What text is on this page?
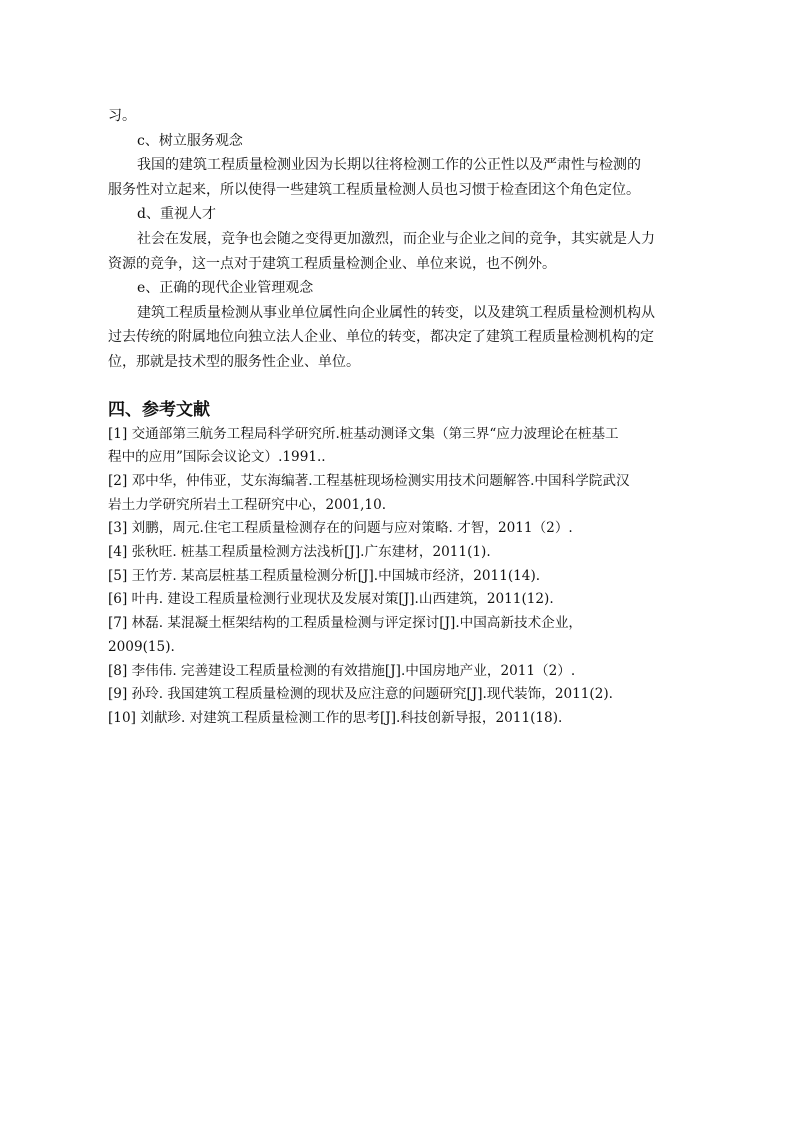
习。
c、树立服务观念
我国的建筑工程质量检测业因为长期以往将检测工作的公正性以及严肃性与检测的
服务性对立起来，所以使得一些建筑工程质量检测人员也习惯于检查团这个角色定位。
d、重视人才
社会在发展，竞争也会随之变得更加激烈，而企业与企业之间的竞争，其实就是人力
资源的竞争，这一点对于建筑工程质量检测企业、单位来说，也不例外。
e、正确的现代企业管理观念
建筑工程质量检测从事业单位属性向企业属性的转变，以及建筑工程质量检测机构从
过去传统的附属地位向独立法人企业、单位的转变，都决定了建筑工程质量检测机构的定
位，那就是技术型的服务性企业、单位。
四、参考文献
[1] 交通部第三航务工程局科学研究所.桩基动测译文集（第三界“应力波理论在桩基工
程中的应用”国际会议论文）.1991..
[2] 邓中华，仲伟亚，艾东海编著.工程基桩现场检测实用技术问题解答.中国科学院武汉
岩土力学研究所岩土工程研究中心，2001,10.
[3] 刘鹏，周元.住宅工程质量检测存在的问题与应对策略. 才智，2011（2）.
[4] 张秋旺. 桩基工程质量检测方法浅析[J].广东建材，2011(1).
[5] 王竹芳. 某高层桩基工程质量检测分析[J].中国城市经济，2011(14).
[6] 叶冉. 建设工程质量检测行业现状及发展对策[J].山西建筑，2011(12).
[7] 林磊. 某混凝土框架结构的工程质量检测与评定探讨[J].中国高新技术企业，
2009(15).
[8] 李伟伟. 完善建设工程质量检测的有效措施[J].中国房地产业，2011（2）.
[9] 孙玲. 我国建筑工程质量检测的现状及应注意的问题研究[J].现代装饰，2011(2).
[10] 刘献珍. 对建筑工程质量检测工作的思考[J].科技创新导报，2011(18).
